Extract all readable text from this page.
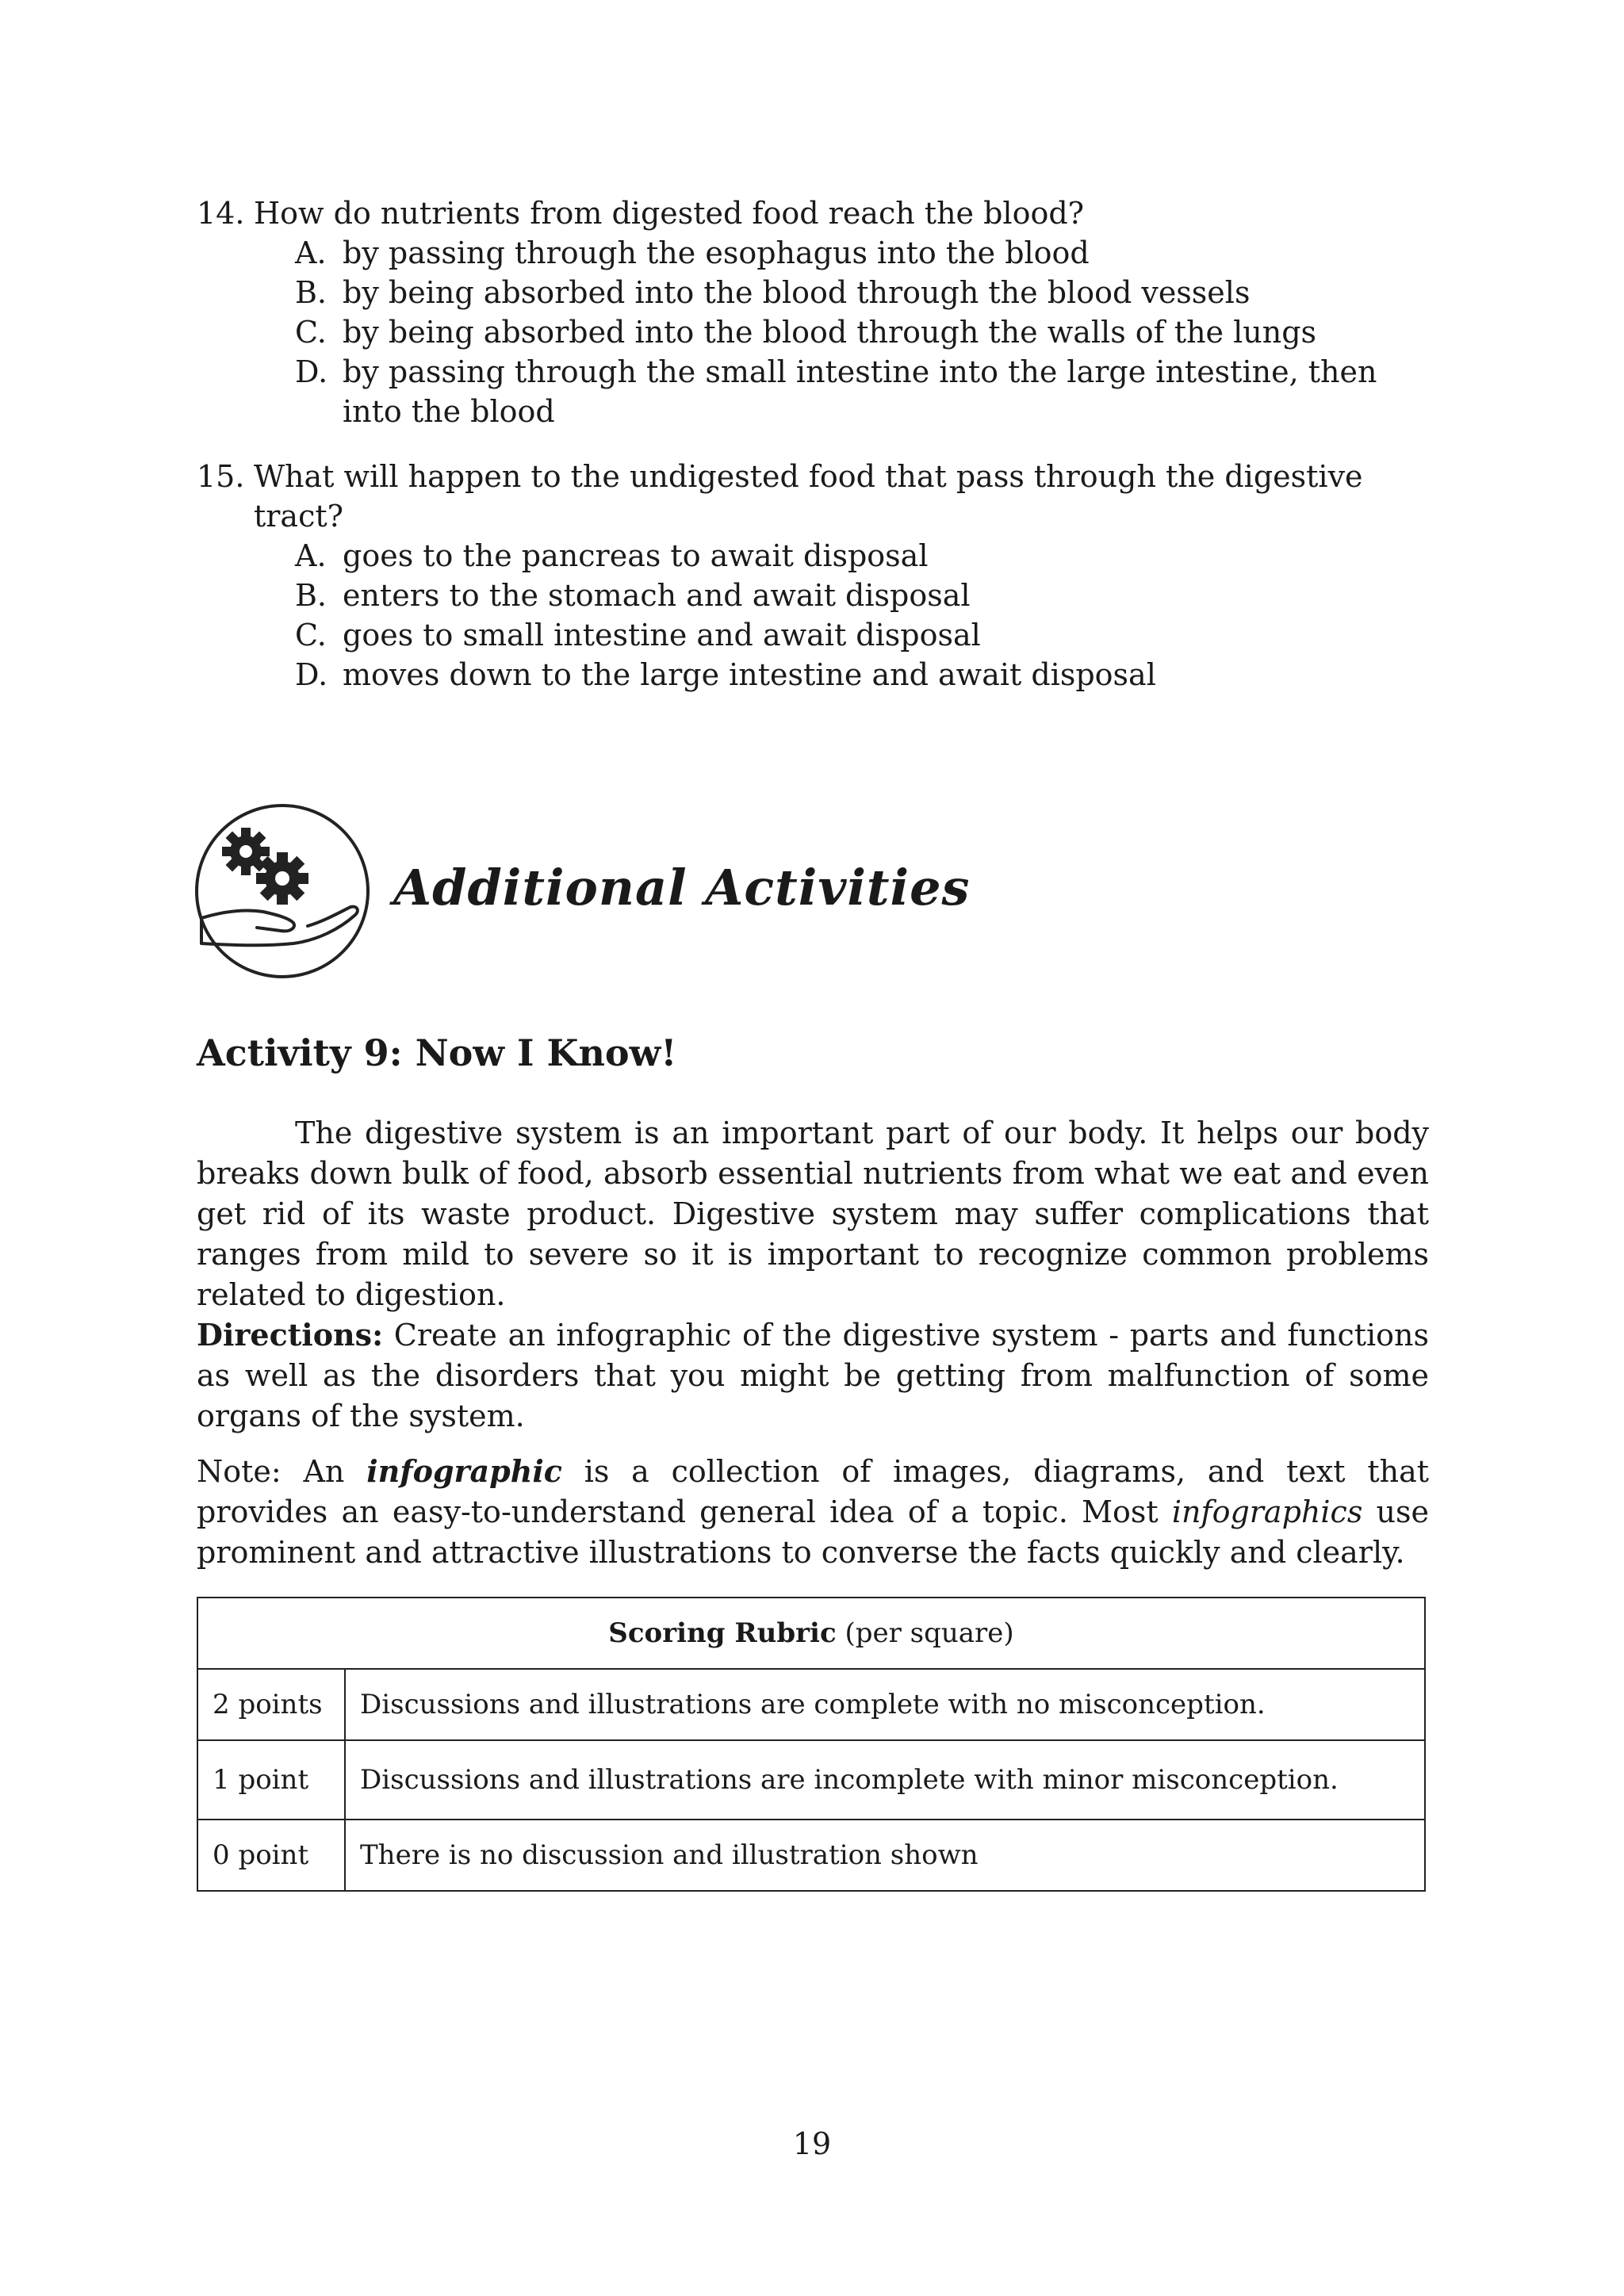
14. How do nutrients from digested food reach the blood?
A. by passing through the esophagus into the blood
B. by being absorbed into the blood through the blood vessels
C. by being absorbed into the blood through the walls of the lungs
D. by passing through the small intestine into the large intestine, then into the blood
15. What will happen to the undigested food that pass through the digestive tract?
A. goes to the pancreas to await disposal
B. enters to the stomach and await disposal
C. goes to small intestine and await disposal
D. moves down to the large intestine and await disposal
Additional Activities
Activity 9: Now I Know!

The digestive system is an important part of our body. It helps our body breaks down bulk of food, absorb essential nutrients from what we eat and even get rid of its waste product. Digestive system may suffer complications that ranges from mild to severe so it is important to recognize common problems related to digestion.

Directions: Create an infographic of the digestive system - parts and functions as well as the disorders that you might be getting from malfunction of some organs of the system.

Note: An infographic is a collection of images, diagrams, and text that provides an easy-to-understand general idea of a topic. Most infographics use prominent and attractive illustrations to converse the facts quickly and clearly.

Scoring Rubric (per square)	
2 points	Discussions and illustrations are complete with no misconception.
1 point	Discussions and illustrations are incomplete with minor misconception.
0 point	There is no discussion and illustration shown
19
